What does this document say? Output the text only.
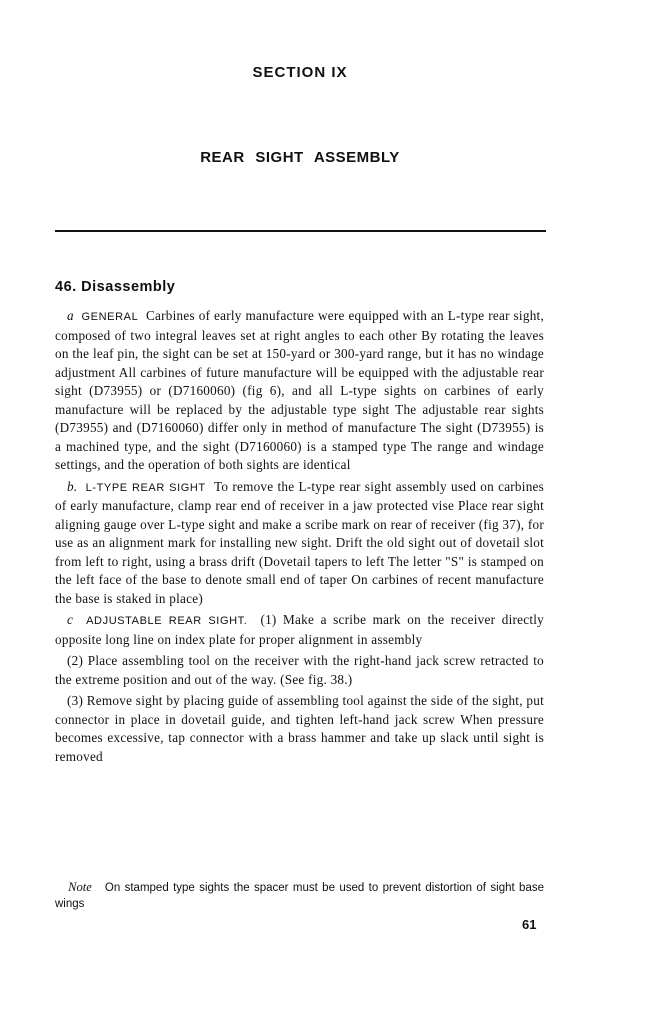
SECTION IX
REAR SIGHT ASSEMBLY
46. Disassembly

a GENERAL Carbines of early manufacture were equipped with an L-type rear sight, composed of two integral leaves set at right angles to each other By rotating the leaves on the leaf pin, the sight can be set at 150-yard or 300-yard range, but it has no windage adjustment All carbines of future manufacture will be equipped with the adjustable rear sight (D73955) or (D7160060) (fig 6), and all L-type sights on carbines of early manufacture will be replaced by the adjustable type sight The adjustable rear sights (D73955) and (D7160060) differ only in method of manufacture The sight (D73955) is a machined type, and the sight (D7160060) is a stamped type The range and windage settings, and the operation of both sights are identical

b. L-TYPE REAR SIGHT To remove the L-type rear sight assembly used on carbines of early manufacture, clamp rear end of receiver in a jaw protected vise Place rear sight aligning gauge over L-type sight and make a scribe mark on rear of receiver (fig 37), for use as an alignment mark for installing new sight. Drift the old sight out of dovetail slot from left to right, using a brass drift (Dovetail tapers to left The letter "S" is stamped on the left face of the base to denote small end of taper On carbines of recent manufacture the base is staked in place)

c ADJUSTABLE REAR SIGHT. (1) Make a scribe mark on the receiver directly opposite long line on index plate for proper alignment in assembly

(2) Place assembling tool on the receiver with the right-hand jack screw retracted to the extreme position and out of the way. (See fig. 38.)

(3) Remove sight by placing guide of assembling tool against the side of the sight, put connector in place in dovetail guide, and tighten left-hand jack screw When pressure becomes excessive, tap connector with a brass hammer and take up slack until sight is removed

Note On stamped type sights the spacer must be used to prevent distortion of sight base wings
61
